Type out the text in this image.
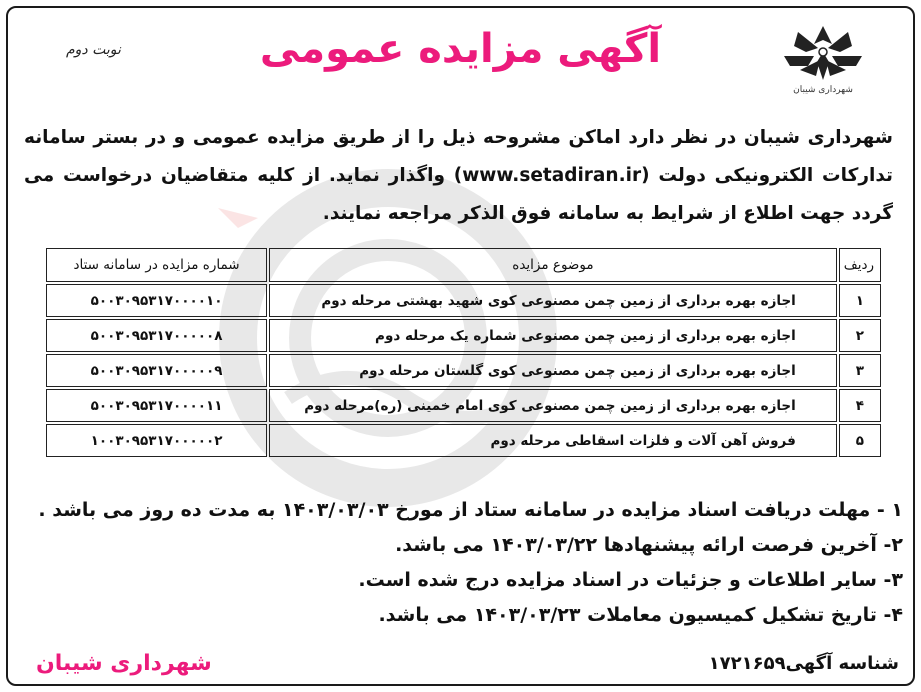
شهرداری شیبان
آگهی مزایده عمومی
نوبت دوم
شهرداری شیبان در نظر دارد اماکن مشروحه ذیل را از طریق مزایده عمومی و در بستر سامانه تدارکات الکترونیکی دولت (www.setadiran.ir) واگذار نماید. از کلیه متقاضیان درخواست می گردد جهت اطلاع از شرایط به سامانه فوق الذکر مراجعه نمایند.
ردیف	موضوع مزایده	شماره مزایده در سامانه ستاد
۱	اجازه بهره برداری از زمین چمن مصنوعی کوی شهید بهشتی مرحله دوم	۵۰۰۳۰۹۵۳۱۷۰۰۰۰۱۰
۲	اجازه بهره برداری از زمین چمن مصنوعی شماره یک مرحله دوم	۵۰۰۳۰۹۵۳۱۷۰۰۰۰۰۸
۳	اجازه بهره برداری از زمین چمن مصنوعی کوی گلستان مرحله دوم	۵۰۰۳۰۹۵۳۱۷۰۰۰۰۰۹
۴	اجازه بهره برداری از زمین چمن مصنوعی کوی امام خمینی (ره)مرحله دوم	۵۰۰۳۰۹۵۳۱۷۰۰۰۰۱۱
۵	فروش آهن آلات و فلزات اسقاطی مرحله دوم	۱۰۰۳۰۹۵۳۱۷۰۰۰۰۰۲
۱ - مهلت دریافت اسناد مزایده در سامانه ستاد از مورخ ۱۴۰۳/۰۳/۰۳ به مدت ده روز می باشد .
۲- آخرین فرصت ارائه پیشنهادها ۱۴۰۳/۰۳/۲۲ می باشد.
۳- سایر اطلاعات و جزئیات در اسناد مزایده درج شده است.
۴- تاریخ تشکیل کمیسیون معاملات ۱۴۰۳/۰۳/۲۳ می باشد.
شناسه آگهی۱۷۲۱۶۵۹
شهرداری شیبان
